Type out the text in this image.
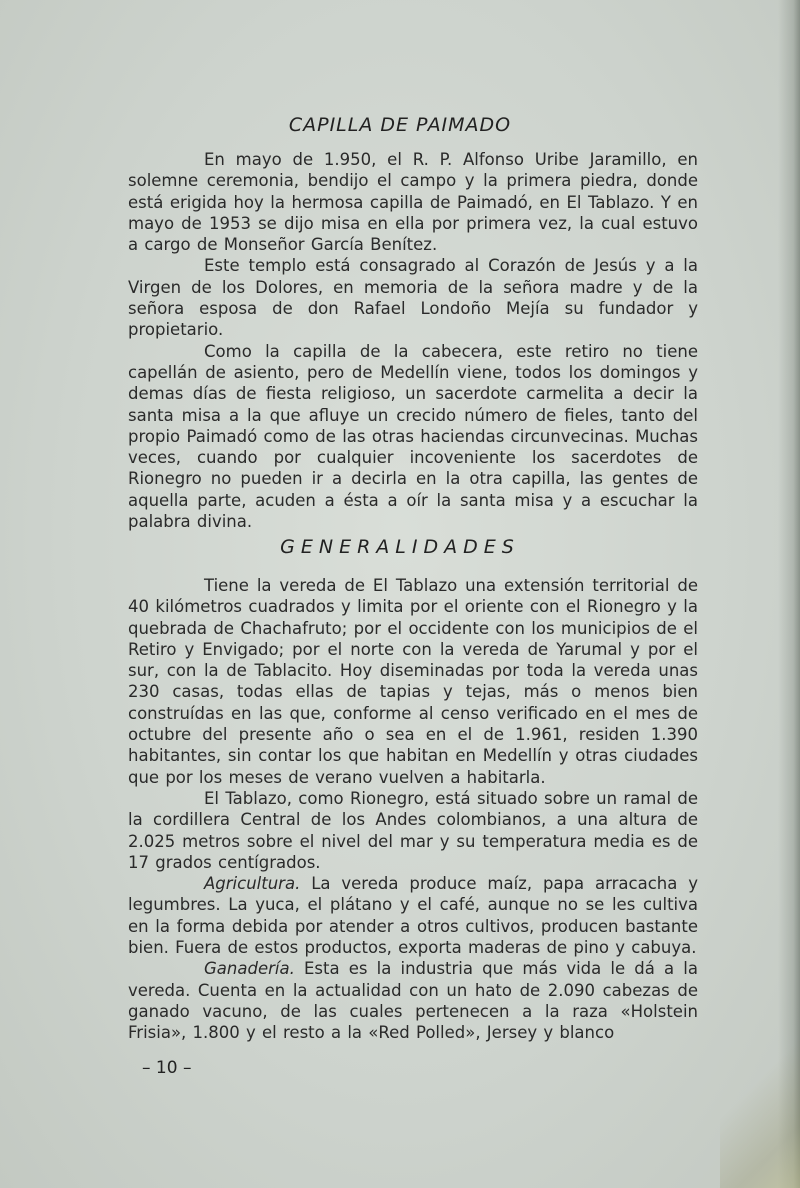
CAPILLA DE PAIMADO

En mayo de 1.950, el R. P. Alfonso Uribe Jaramillo, en solemne ceremonia, bendijo el campo y la primera piedra, donde está erigida hoy la hermosa capilla de Paimadó, en El Tablazo. Y en mayo de 1953 se dijo misa en ella por primera vez, la cual estuvo a cargo de Monseñor García Benítez.

Este templo está consagrado al Corazón de Jesús y a la Virgen de los Dolores, en memoria de la señora madre y de la señora esposa de don Rafael Londoño Mejía su fundador y propietario.

Como la capilla de la cabecera, este retiro no tiene capellán de asiento, pero de Medellín viene, todos los domingos y demas días de fiesta religioso, un sacerdote carmelita a decir la santa misa a la que afluye un crecido número de fieles, tanto del propio Paimadó como de las otras haciendas circunvecinas. Muchas veces, cuando por cualquier incoveniente los sacerdotes de Rionegro no pueden ir a decirla en la otra capilla, las gentes de aquella parte, acuden a ésta a oír la santa misa y a escuchar la palabra divina.

GENERALIDADES

Tiene la vereda de El Tablazo una extensión territorial de 40 kilómetros cuadrados y limita por el oriente con el Rionegro y la quebrada de Chachafruto; por el occidente con los municipios de el Retiro y Envigado; por el norte con la vereda de Yarumal y por el sur, con la de Tablacito. Hoy diseminadas por toda la vereda unas 230 casas, todas ellas de tapias y tejas, más o menos bien construídas en las que, conforme al censo verificado en el mes de octubre del presente año o sea en el de 1.961, residen 1.390 habitantes, sin contar los que habitan en Medellín y otras ciudades que por los meses de verano vuelven a habitarla.

El Tablazo, como Rionegro, está situado sobre un ramal de la cordillera Central de los Andes colombianos, a una altura de 2.025 metros sobre el nivel del mar y su temperatura media es de 17 grados centígrados.

Agricultura. La vereda produce maíz, papa arracacha y legumbres. La yuca, el plátano y el café, aunque no se les cultiva en la forma debida por atender a otros cultivos, producen bastante bien. Fuera de estos productos, exporta maderas de pino y cabuya.

Ganadería. Esta es la industria que más vida le dá a la vereda. Cuenta en la actualidad con un hato de 2.090 cabezas de ganado vacuno, de las cuales pertenecen a la raza «Holstein Frisia», 1.800 y el resto a la «Red Polled», Jersey y blanco

– 10 –
